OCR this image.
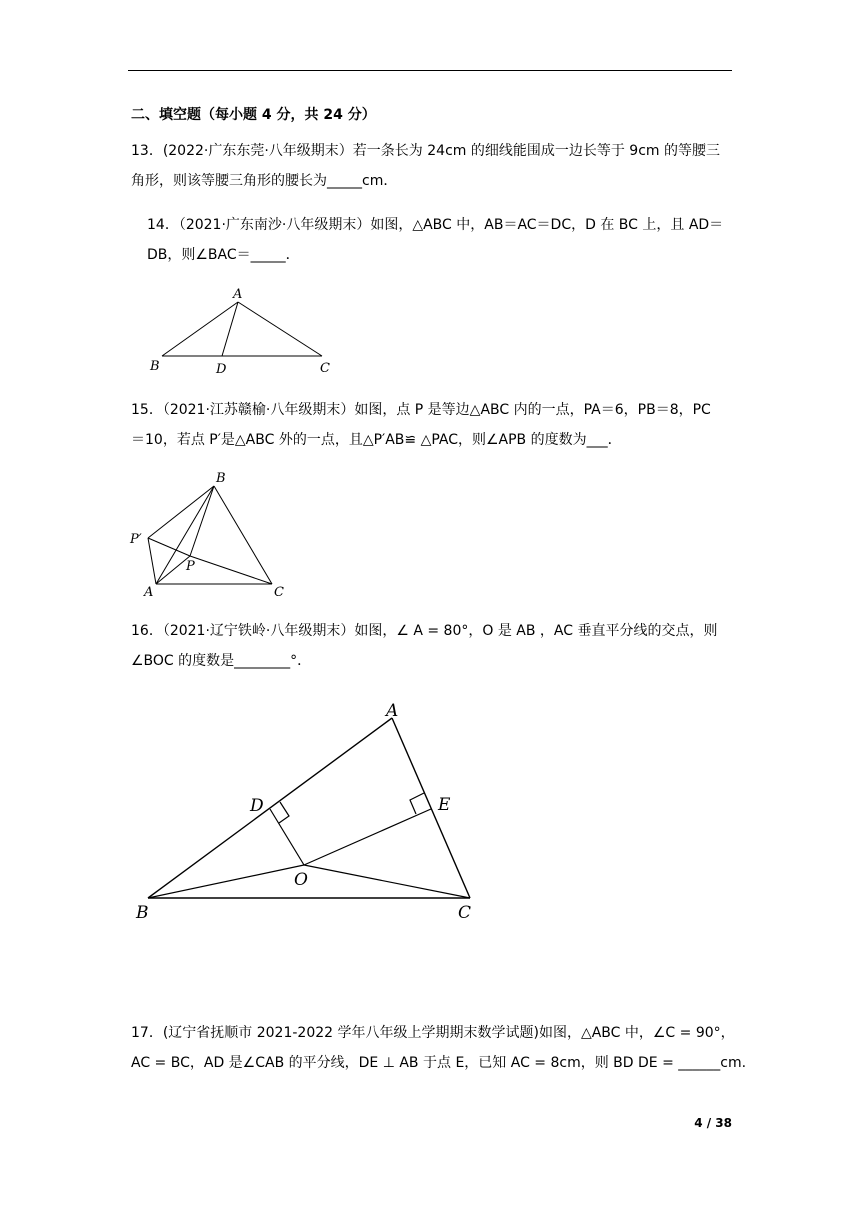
二、填空题（每小题 4 分，共 24 分）
13．(2022·广东东莞·八年级期末）若一条长为 24cm 的细线能围成一边长等于 9cm 的等腰三
角形，则该等腰三角形的腰长为_____cm．
14．（2021·广东南沙·八年级期末）如图，△ABC 中，AB＝AC＝DC，D 在 BC 上，且 AD＝
DB，则∠BAC＝_____．
A
B	D	C
15．（2021·江苏赣榆·八年级期末）如图，点 P 是等边△ABC 内的一点，PA＝6，PB＝8，PC
＝10，若点 P′是△ABC 外的一点，且△P′AB≌ △PAC，则∠APB 的度数为___．
B
P′
P
A	C
16．（2021·辽宁铁岭·八年级期末）如图，∠ A = 80°，O 是 AB ，AC 垂直平分线的交点，则
∠BOC 的度数是________°．
A
D	E
O
B	C
17．(辽宁省抚顺市 2021-2022 学年八年级上学期期末数学试题)如图，△ABC 中，∠C = 90°，
AC = BC，AD 是∠CAB 的平分线，DE ⊥ AB 于点 E，已知 AC = 8cm，则 BD DE = ______cm.
4 / 38
